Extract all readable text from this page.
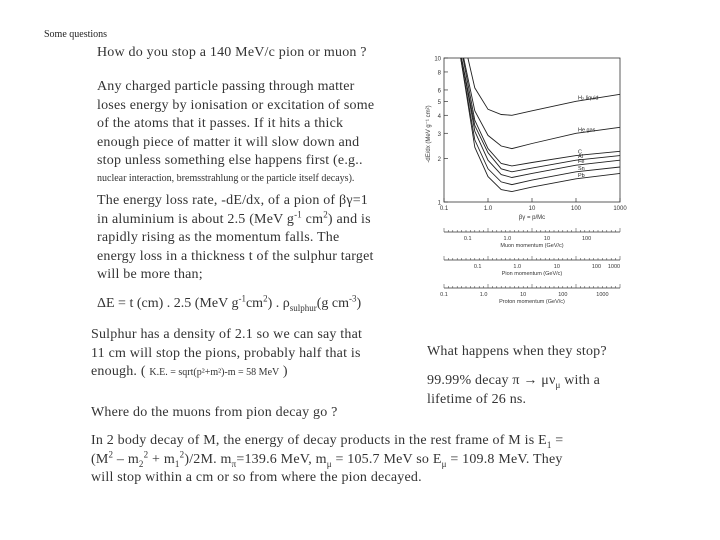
Some questions
How do you stop a 140 MeV/c pion or muon ?
Any charged particle passing through matter
loses energy by ionisation or excitation of some
of the atoms that it passes. If it hits a thick
enough piece of matter it will slow down and
stop unless something else happens first (e.g..
nuclear interaction, bremsstrahlung or the particle itself decays).
The energy loss rate, -dE/dx, of a pion of βγ=1
in aluminium is about 2.5 (MeV $g^{-1}$ $cm^2$) and is
rapidly rising as the momentum falls. The
energy loss in a thickness t of the sulphur target
will be more than;
ΔE = t (cm) . 2.5 (MeV $g^{-1}cm^2$) . $\rho_{sulphur}(g$ $cm^{-3}$)
Sulphur has a density of 2.1 so we can say that
11 cm will stop the pions, probably half that is
enough. ( K.E. = sqrt(p²+m²)-m = 58 MeV )
Where do the muons from pion decay go ?
What happens when they stop?
99.99% decay $\pi \to \mu\nu_\mu$ with a
lifetime of 26 ns.
In 2 body decay of M, the energy of decay products in the rest frame of M is $E_1$ =
$(M^2 - m_2^2 + m_1^2)/2M$. $m_\pi=139.6$ MeV, $m_\mu = 105.7$ MeV so $E_\mu = 109.8$ MeV. They
will stop within a cm or so from where the pion decayed.
10
8
6
5
4
3
2
1
0.1	1.0	10	100	1000
βγ = p/Mc
-dE/dx (MeV g⁻¹ cm²)
H₂ liquid
He gas
C
Al
Fe
Sn
Pb
0.1	1.0	10	100
Muon momentum (GeV/c)
0.1	1.0	10	100 1000
Pion momentum (GeV/c)
0.1	1.0	10	100	1000
Proton momentum (GeV/c)
